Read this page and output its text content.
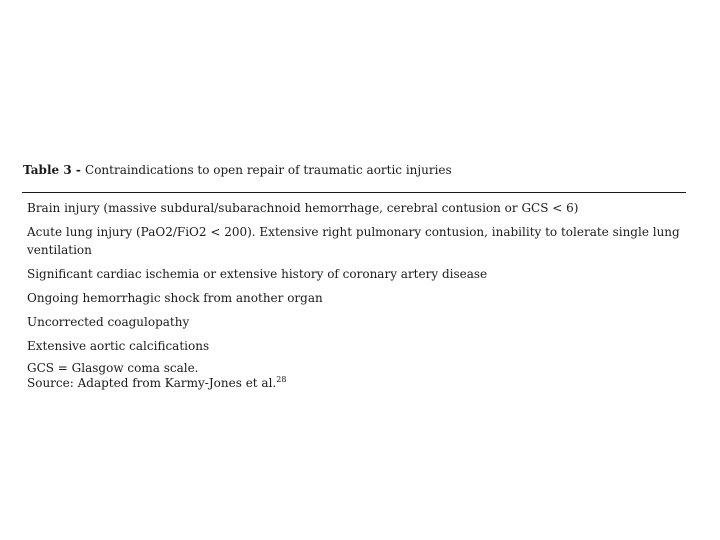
Table 3 - Contraindications to open repair of traumatic aortic injuries
Brain injury (massive subdural/subarachnoid hemorrhage, cerebral contusion or GCS < 6)
Acute lung injury (PaO2/FiO2 < 200). Extensive right pulmonary contusion, inability to tolerate single lung ventilation
Significant cardiac ischemia or extensive history of coronary artery disease
Ongoing hemorrhagic shock from another organ
Uncorrected coagulopathy
Extensive aortic calcifications
GCS = Glasgow coma scale.
Source: Adapted from Karmy-Jones et al.$^{28}$
